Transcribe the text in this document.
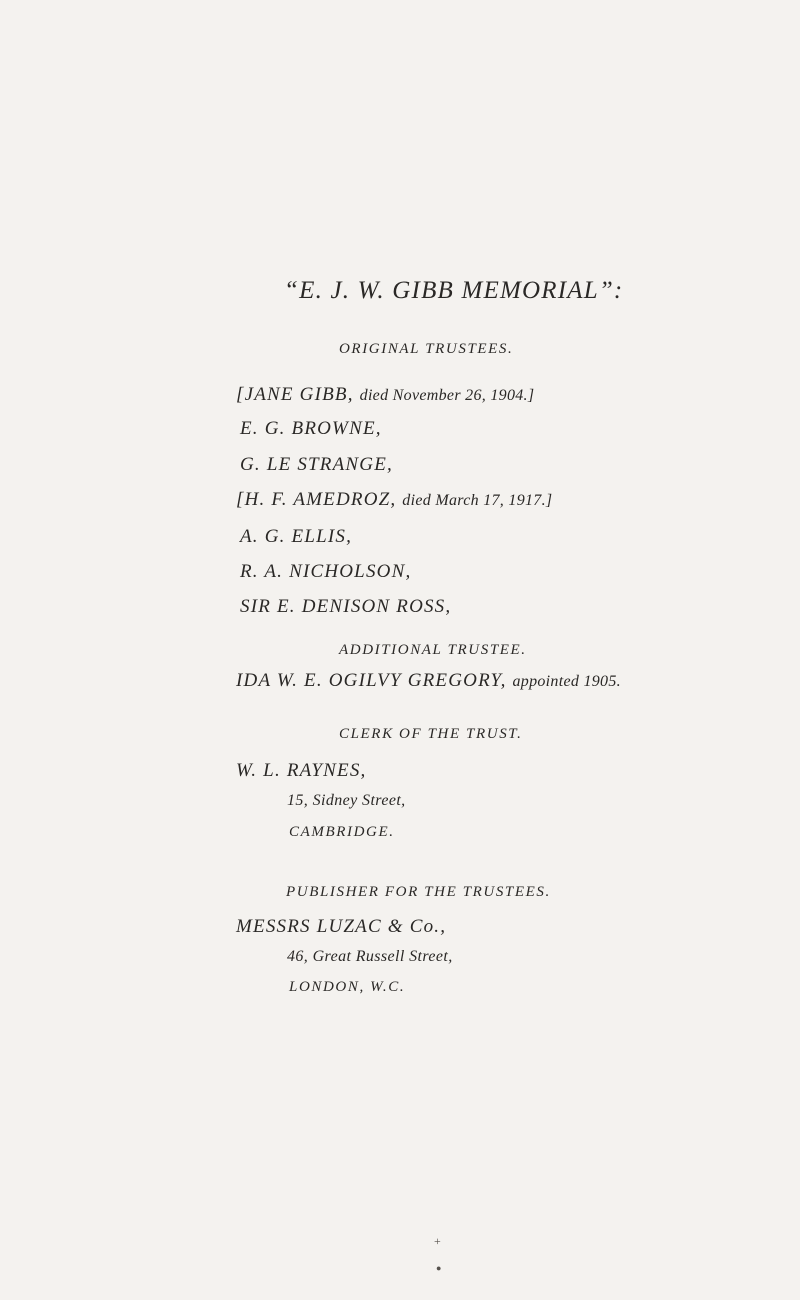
“E. J. W. GIBB MEMORIAL”:
ORIGINAL TRUSTEES.
[JANE GIBB, died November 26, 1904.]
E. G. BROWNE,
G. LE STRANGE,
[H. F. AMEDROZ, died March 17, 1917.]
A. G. ELLIS,
R. A. NICHOLSON,
SIR E. DENISON ROSS,
ADDITIONAL TRUSTEE.
IDA W. E. OGILVY GREGORY, appointed 1905.
CLERK OF THE TRUST.
W. L. RAYNES,
15, Sidney Street,
CAMBRIDGE.
PUBLISHER FOR THE TRUSTEES.
MESSRS LUZAC & Co.,
46, Great Russell Street,
LONDON, W.C.
+
●
